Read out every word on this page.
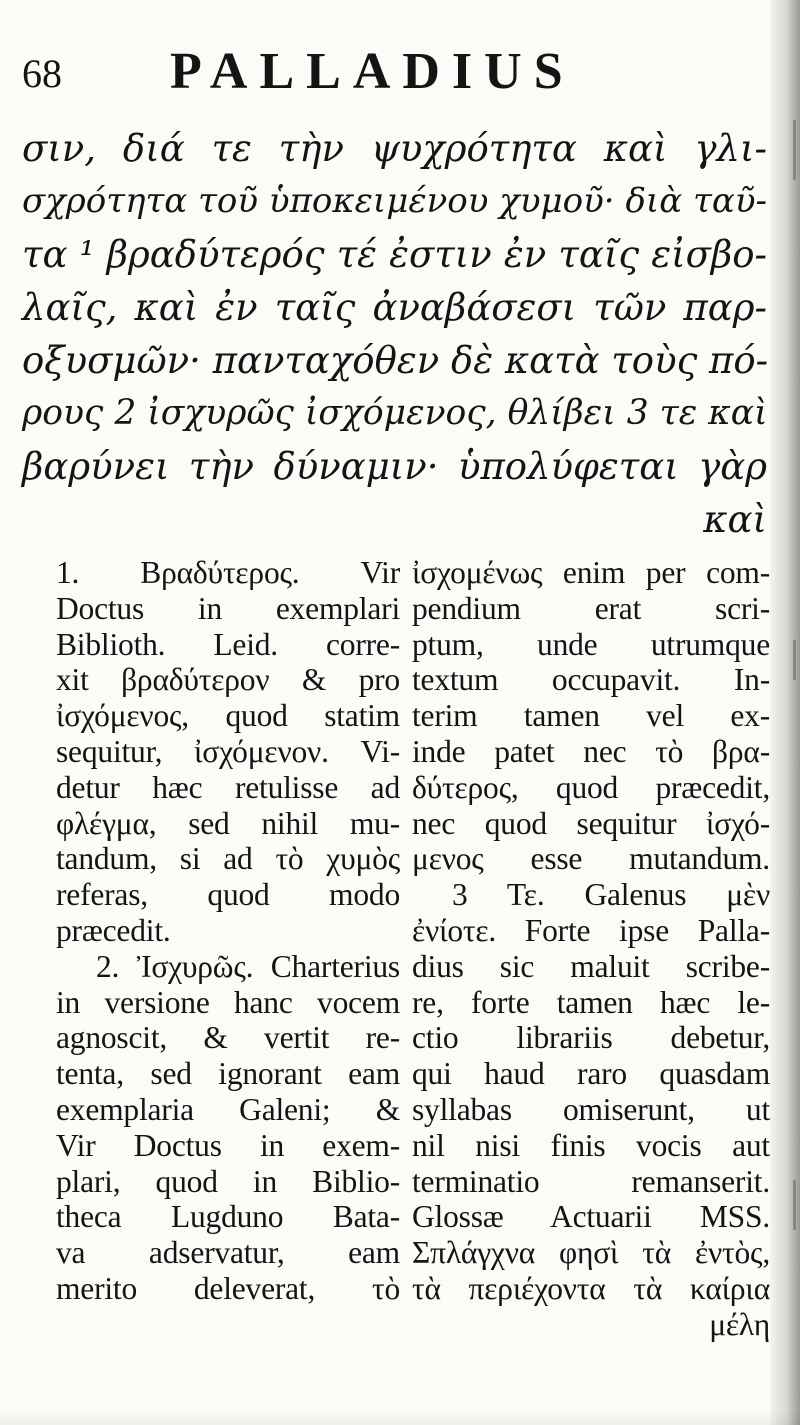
68 PALLADIUS
σιν, διά τε τὴν ψυχρότητα καὶ γλι-
σχρότητα τοῦ ὑποκειμένου χυμοῦ· διὰ ταῦ-
τα ¹ βραδύτερός τέ ἐστιν ἐν ταῖς εἰσβο-
λαῖς, καὶ ἐν ταῖς ἀναβάσεσι τῶν παρ-
οξυσμῶν· πανταχόθεν δὲ κατὰ τοὺς πό-
ρους 2 ἰσχυρῶς ἰσχόμενος, θλίβει 3 τε καὶ
βαρύνει τὴν δύναμιν· ὑπολύφεται γὰρ
καὶ
1. Βραδύτερος. Vir
Doctus in exemplari
Biblioth. Leid. corre-
xit βραδύτερον & pro
ἰσχόμενος, quod statim
sequitur, ἰσχόμενον. Vi-
detur hæc retulisse ad
φλέγμα, sed nihil mu-
tandum, si ad τὸ χυμὸς
referas, quod modo
præcedit.
2. Ἰσχυρῶς. Charterius
in versione hanc vocem
agnoscit, & vertit re-
tenta, sed ignorant eam
exemplaria Galeni; &
Vir Doctus in exem-
plari, quod in Biblio-
theca Lugduno Bata-
va adservatur, eam
merito deleverat, τὸ
ἰσχομένως enim per com-
pendium erat scri-
ptum, unde utrumque
textum occupavit. In-
terim tamen vel ex-
inde patet nec τὸ βρα-
δύτερος, quod præcedit,
nec quod sequitur ἰσχό-
μενος esse mutandum.
3 Τε. Galenus μὲν
ἐνίοτε. Forte ipse Palla-
dius sic maluit scribe-
re, forte tamen hæc le-
ctio librariis debetur,
qui haud raro quasdam
syllabas omiserunt, ut
nil nisi finis vocis aut
terminatio remanserit.
Glossæ Actuarii MSS.
Σπλάγχνα φησὶ τὰ ἐντὸς,
τὰ περιέχοντα τὰ καίρια
μέλη
